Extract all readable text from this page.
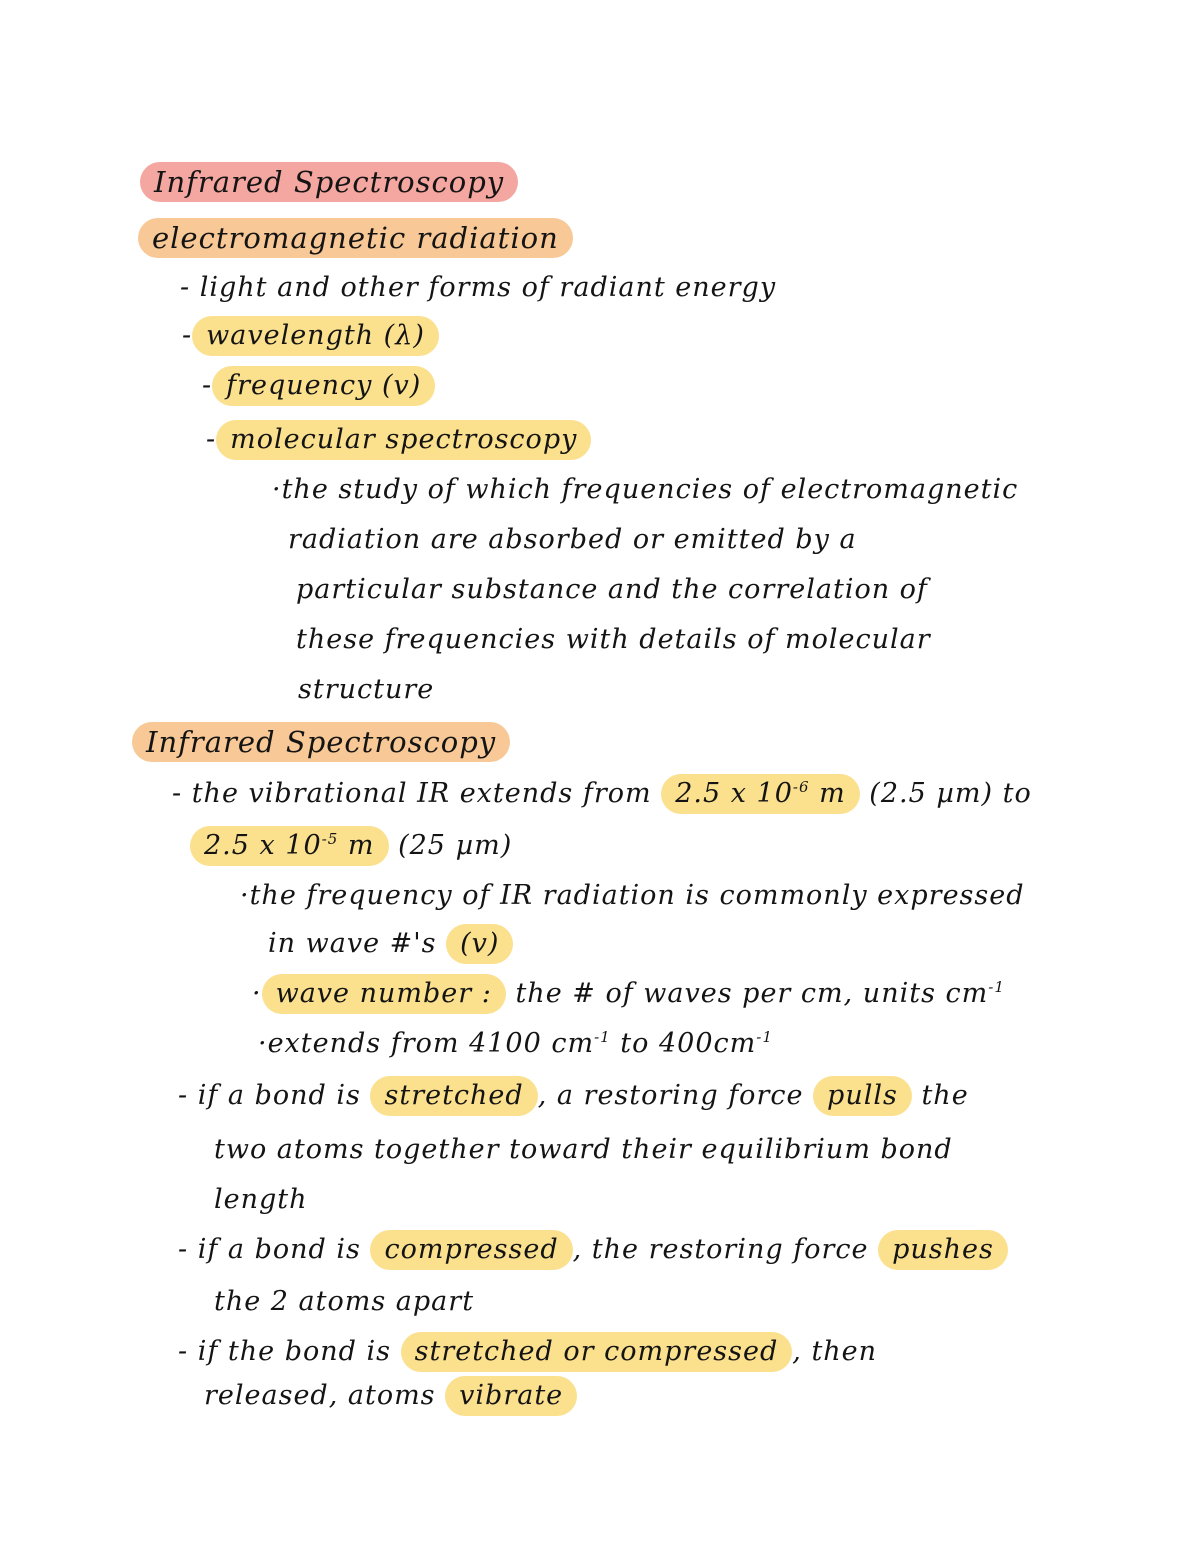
Infrared Spectroscopy
electromagnetic radiation
- light and other forms of radiant energy
- wavelength (λ)
- frequency (v)
- molecular spectroscopy
·the study of which frequencies of electromagnetic
radiation are absorbed or emitted by a
particular substance and the correlation of
these frequencies with details of molecular
structure
Infrared Spectroscopy
- the vibrational IR extends from 2.5 x $10^{-6}$ m (2.5 µm) to
2.5 x $10^{-5}$ m (25 µm)
·the frequency of IR radiation is commonly expressed
in wave #'s (v)
· wave number : the # of waves per cm, units $cm^{-1}$
·extends from 4100 $cm^{-1}$ to $400cm^{-1}$
- if a bond is stretched , a restoring force pulls the
two atoms together toward their equilibrium bond
length
- if a bond is compressed , the restoring force pushes
the 2 atoms apart
- if the bond is stretched or compressed , then
released, atoms vibrate
